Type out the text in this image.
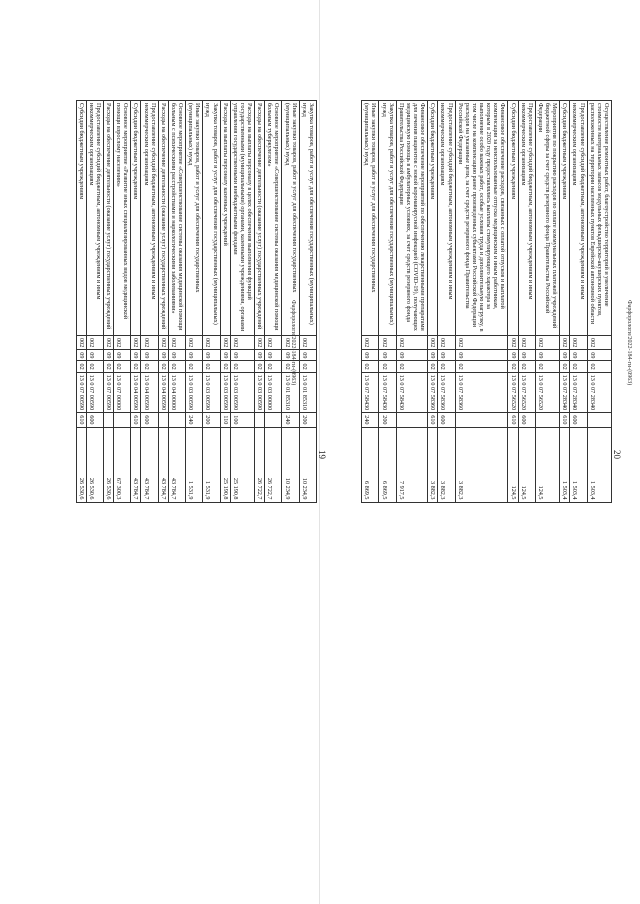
19
Закупка товаров, работ и услуг для обеспечения государственных (муниципальных) нужд	002	09	02	13 0 01 85310	200	10 234,9
Иные закупки товаров, работ и услуг для обеспечения государственных (муниципальных) нужд	002	09	02	13 0 01 85310	240	10 234,9
Основное мероприятие «Совершенствование системы оказания медицинской помощи больным туберкулезом»	002	09	02	13 0 03 00000		26 722,7
Расходы на обеспечение деятельности (оказание услуг) государственных учреждений	002	09	02	13 0 03 00590		26 722,7
Расходы на выплаты персоналу в целях обеспечения выполнения функций государственными (муниципальными) органами, казенными учреждениями, органами управления государственными внебюджетными фондами	002	09	02	13 0 03 00590	100	25 190,8
Расходы на выплаты персоналу казенных учреждений	002	09	02	13 0 03 00590	110	25 190,8
Закупка товаров, работ и услуг для обеспечения государственных (муниципальных) нужд	002	09	02	13 0 03 00590	200	1 531,9
Иные закупки товаров, работ и услуг для обеспечения государственных (муниципальных) нужд	002	09	02	13 0 03 00590	240	1 531,9
Основное мероприятие «Совершенствование системы оказания медицинской помощи больным с психическими расстройствами и наркологическими заболеваниями»	002	09	02	13 0 04 00000		43 784,7
Расходы на обеспечение деятельности (оказание услуг) государственных учреждений	002	09	02	13 0 04 00590		43 784,7
Предоставление субсидий бюджетным, автономным учреждениям и иным некоммерческим организациям	002	09	02	13 0 04 00590	600	43 784,7
Субсидии бюджетным учреждениям	002	09	02	13 0 04 00590	610	43 784,7
Основное мероприятие «Развитие иных специализированных видов медицинской помощи взрослому населению»	002	09	02	13 0 07 00000		67 300,3
Расходы на обеспечение деятельности (оказание услуг) государственных учреждений	002	09	02	13 0 07 00590		26 530,6
Предоставление субсидий бюджетным, автономным учреждениям и иным некоммерческим организациям	002	09	02	13 0 07 00590	600	26 530,6
Субсидии бюджетным учреждениям	002	09	02	13 0 07 00590	610	26 530,6
20
Осуществление ремонтных работ, благоустройство территорий и увеличение стоимости материальных запасов модульных фельдшерско-акушерских пунктов, расположенных на территории населенных пунктов Еврейской автономной области	002	09	02	13 0 07 28340		1 503,4
Предоставление субсидий бюджетным, автономным учреждениям и иным некоммерческим организациям	002	09	02	13 0 07 28340	600	1 503,4
Субсидии бюджетным учреждениям	002	09	02	13 0 07 28340	610	1 503,4
Мероприятия по покрытию расходов по оплате коммунальных платежей учреждений бюджетной сферы за счет средств резервного фонда Правительства Российской Федерации	002	09	02	13 0 07 56520		124,5
Предоставление субсидий бюджетным, автономным учреждениям и иным некоммерческим организациям	002	09	02	13 0 07 56520	600	124,5
Субсидии бюджетным учреждениям	002	09	02	13 0 07 56520	610	124,5
Финансовое обеспечение расходов, связанных с оплатой отпусков и выплатой компенсации за неиспользованные отпуска медицинским и иным работникам, которым в 2020 году предоставлялись выплаты стимулирующего характера за выполнение особо важных работ, особые условия труда и дополнительную нагрузку, в том числе на компенсацию ранее произведенных субъектами Российской Федерации расходов на указанные цели, за счет средств резервного фонда Правительства Российской Федерации	002	09	02	13 0 07 58360		3 882,3
Предоставление субсидий бюджетным, автономным учреждениям и иным некоммерческим организациям	002	09	02	13 0 07 58360	600	3 882,3
Субсидии бюджетным учреждениям	002	09	02	13 0 07 58360	610	3 882,3
Финансовое обеспечение мероприятий по обеспечению лекарственными препаратами для лечения пациентов с новой коронавирусной инфекцией (COVID-19), получающих медицинскую помощь в амбулаторных условиях, за счет средств резервного фонда Правительства Российской Федерации	002	09	02	13 0 07 58430		7 917,5
Закупка товаров, работ и услуг для обеспечения государственных (муниципальных) нужд	002	09	02	13 0 07 58430	200	6 869,5
Иные закупки товаров, работ и услуг для обеспечения государственных (муниципальных) нужд	002	09	02	13 0 07 58430	240	6 869,5
Фарфорологи/2022-184-ги-(0963)	Фарфорологи/2022-184-ги-(0963)
